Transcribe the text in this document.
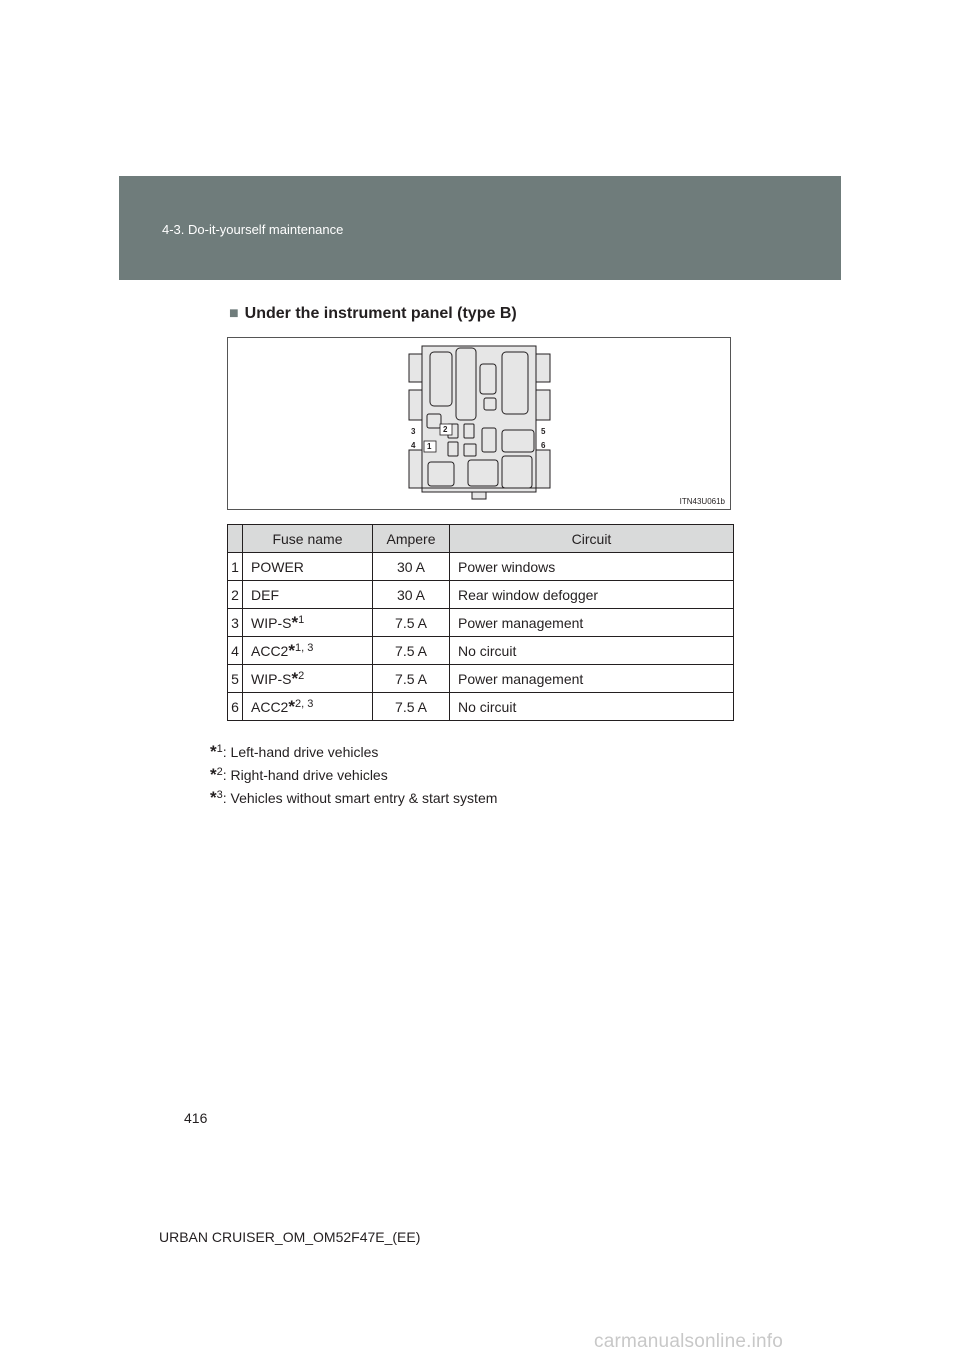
4-3. Do-it-yourself maintenance
■ Under the instrument panel (type B)
2
1
3
4
5
6
ITN43U061b
	Fuse name	Ampere	Circuit
1	POWER	30 A	Power windows
2	DEF	30 A	Rear window defogger
3	WIP-S*$^1$	7.5 A	Power management
4	ACC2*$^{1, 3}$	7.5 A	No circuit
5	WIP-S*$^2$	7.5 A	Power management
6	ACC2*$^{2, 3}$	7.5 A	No circuit
*$^1$: Left-hand drive vehicles
*$^2$: Right-hand drive vehicles
*$^3$: Vehicles without smart entry & start system
416
URBAN CRUISER_OM_OM52F47E_(EE)
carmanualsonline.info
